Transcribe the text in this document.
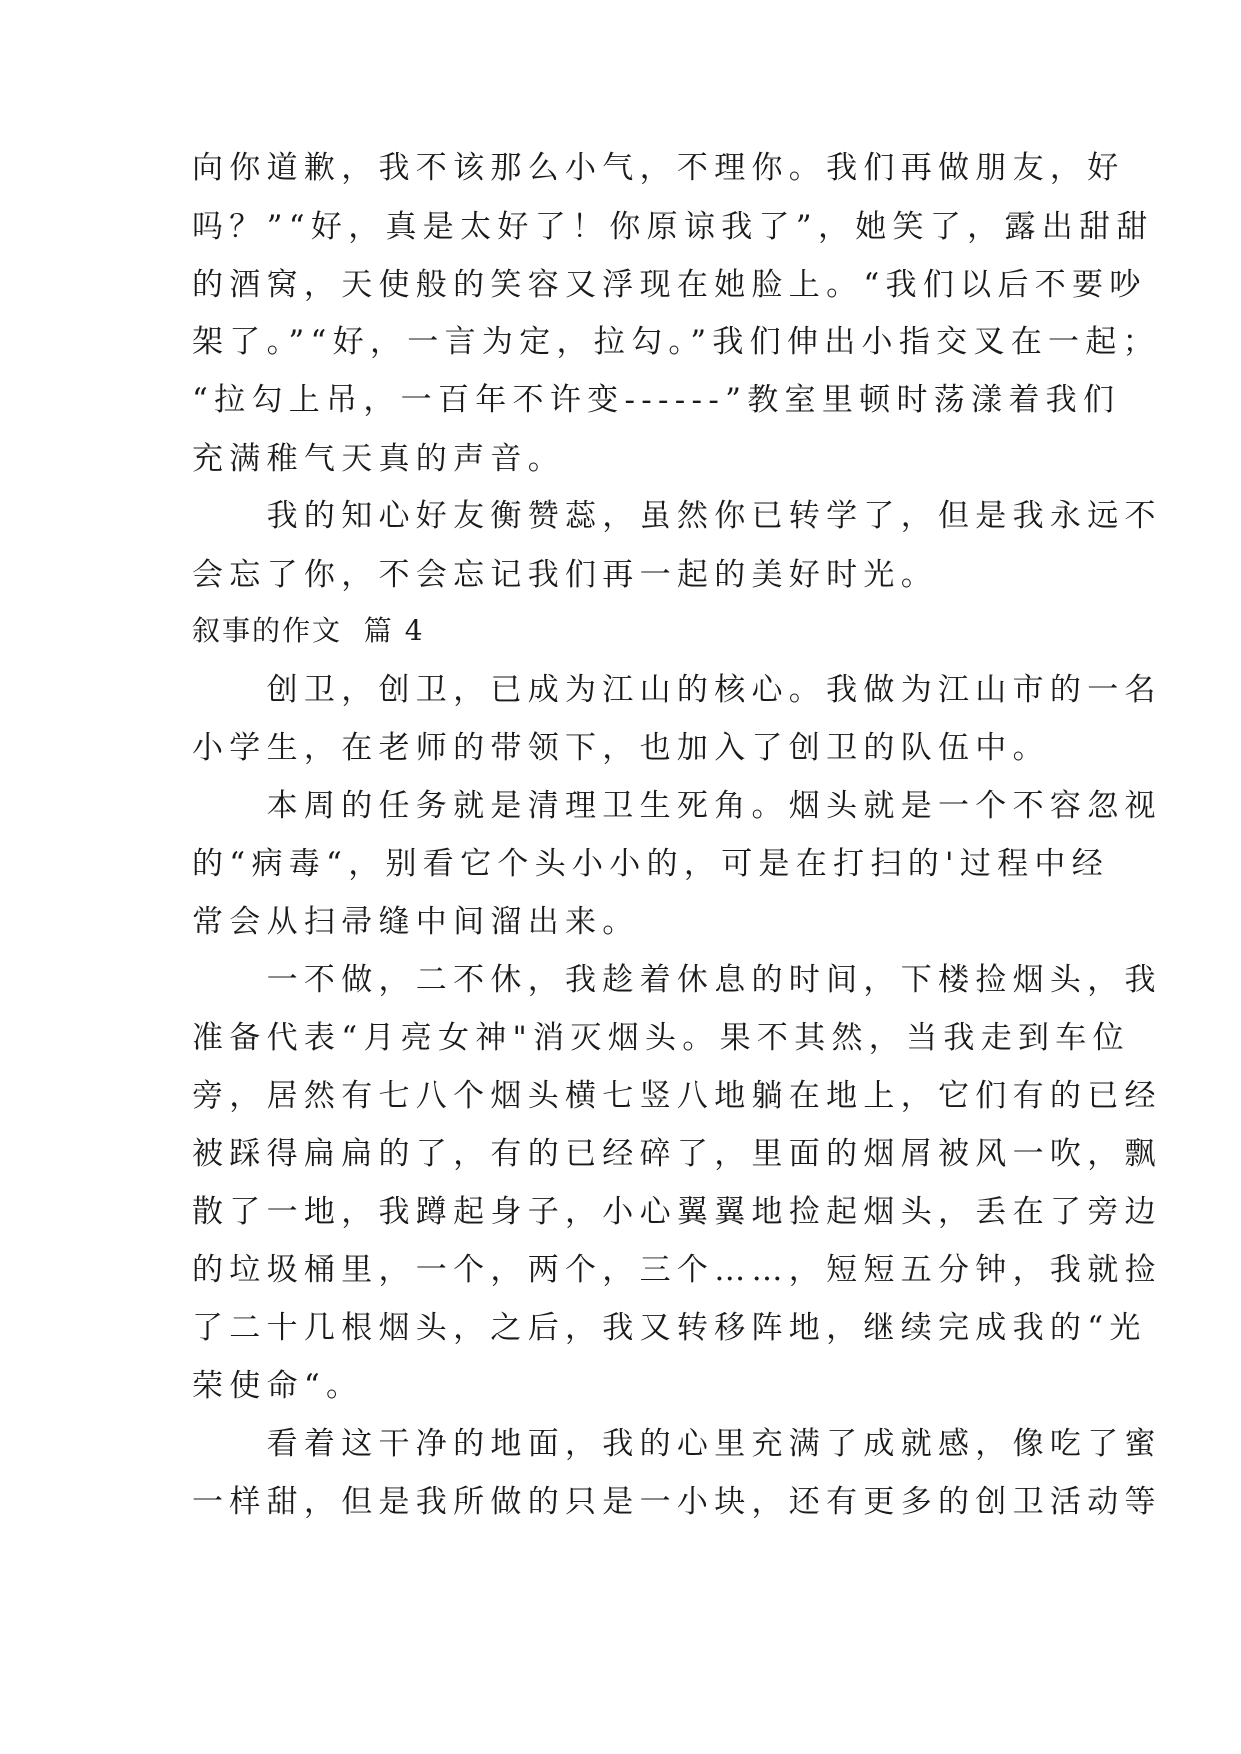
向你道歉，我不该那么小气，不理你。我们再做朋友，好
吗？”“好，真是太好了！你原谅我了”，她笑了，露出甜甜
的酒窝，天使般的笑容又浮现在她脸上。“我们以后不要吵
架了。”“好，一言为定，拉勾。”我们伸出小指交叉在一起；
“拉勾上吊，一百年不许变------”教室里顿时荡漾着我们
充满稚气天真的声音。
　　我的知心好友衡赞蕊，虽然你已转学了，但是我永远不
会忘了你，不会忘记我们再一起的美好时光。
叙事的作文  篇 4
　　创卫，创卫，已成为江山的核心。我做为江山市的一名
小学生，在老师的带领下，也加入了创卫的队伍中。
　　本周的任务就是清理卫生死角。烟头就是一个不容忽视
的“病毒“，别看它个头小小的，可是在打扫的'过程中经
常会从扫帚缝中间溜出来。
　　一不做，二不休，我趁着休息的时间，下楼捡烟头，我
准备代表“月亮女神"消灭烟头。果不其然，当我走到车位
旁，居然有七八个烟头横七竖八地躺在地上，它们有的已经
被踩得扁扁的了，有的已经碎了，里面的烟屑被风一吹，飘
散了一地，我蹲起身子，小心翼翼地捡起烟头，丢在了旁边
的垃圾桶里，一个，两个，三个……，短短五分钟，我就捡
了二十几根烟头，之后，我又转移阵地，继续完成我的“光
荣使命“。
　　看着这干净的地面，我的心里充满了成就感，像吃了蜜
一样甜，但是我所做的只是一小块，还有更多的创卫活动等
